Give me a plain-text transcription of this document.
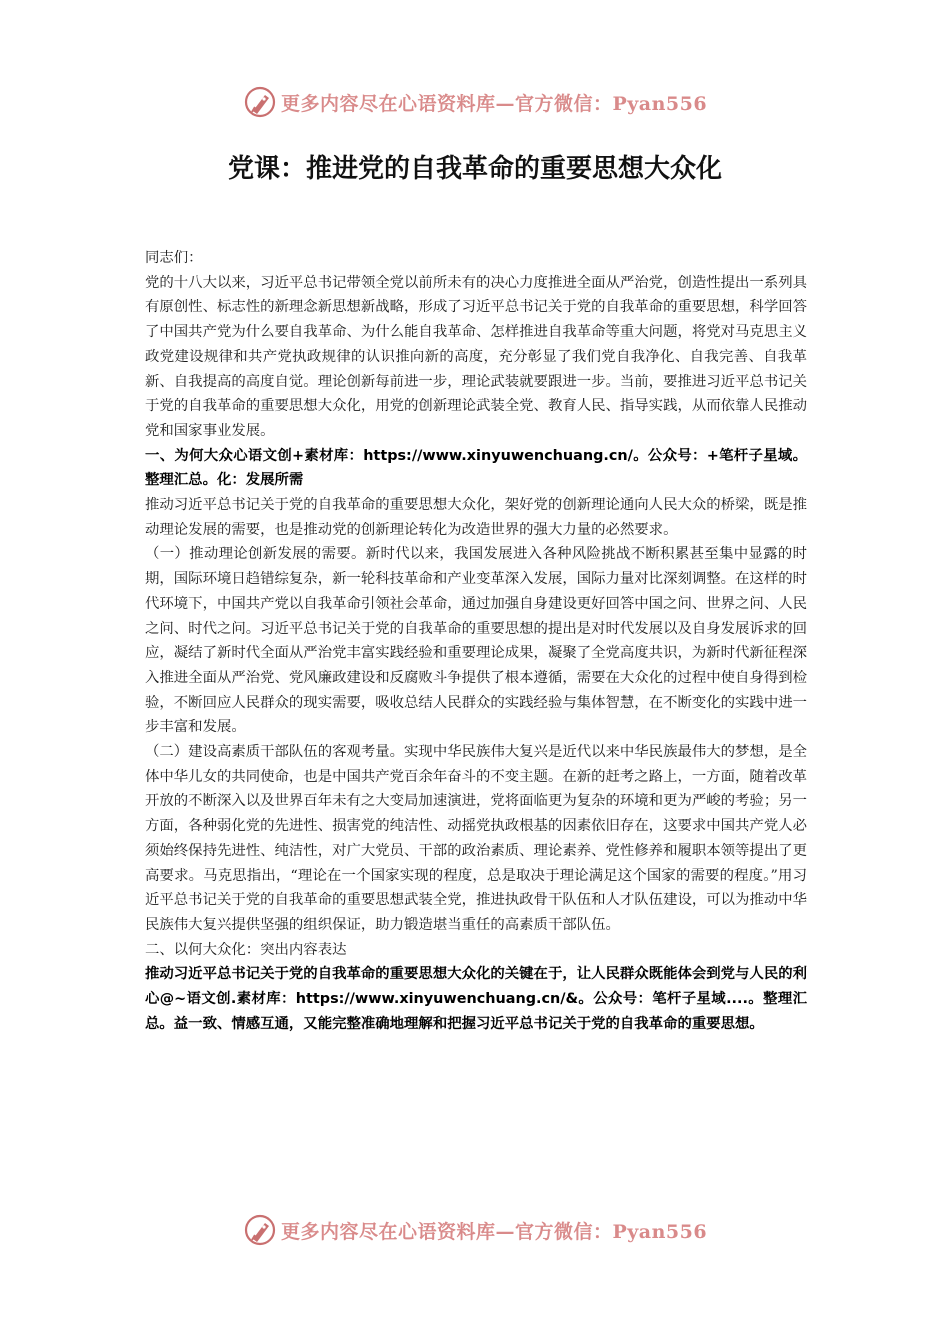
更多内容尽在心语资料库—官方微信：Pyan556
党课：推进党的自我革命的重要思想大众化

同志们：

党的十八大以来，习近平总书记带领全党以前所未有的决心力度推进全面从严治党，创造性提出一系列具有原创性、标志性的新理念新思想新战略，形成了习近平总书记关于党的自我革命的重要思想，科学回答了中国共产党为什么要自我革命、为什么能自我革命、怎样推进自我革命等重大问题，将党对马克思主义政党建设规律和共产党执政规律的认识推向新的高度，充分彰显了我们党自我净化、自我完善、自我革新、自我提高的高度自觉。理论创新每前进一步，理论武装就要跟进一步。当前，要推进习近平总书记关于党的自我革命的重要思想大众化，用党的创新理论武装全党、教育人民、指导实践，从而依靠人民推动党和国家事业发展。

一、为何大众心语文创+素材库：https://www.xinyuwenchuang.cn/。公众号：+笔杆子星域。整理汇总。化：发展所需

推动习近平总书记关于党的自我革命的重要思想大众化，架好党的创新理论通向人民大众的桥梁，既是推动理论发展的需要，也是推动党的创新理论转化为改造世界的强大力量的必然要求。

（一）推动理论创新发展的需要。新时代以来，我国发展进入各种风险挑战不断积累甚至集中显露的时期，国际环境日趋错综复杂，新一轮科技革命和产业变革深入发展，国际力量对比深刻调整。在这样的时代环境下，中国共产党以自我革命引领社会革命，通过加强自身建设更好回答中国之问、世界之问、人民之问、时代之问。习近平总书记关于党的自我革命的重要思想的提出是对时代发展以及自身发展诉求的回应，凝结了新时代全面从严治党丰富实践经验和重要理论成果，凝聚了全党高度共识，为新时代新征程深入推进全面从严治党、党风廉政建设和反腐败斗争提供了根本遵循，需要在大众化的过程中使自身得到检验，不断回应人民群众的现实需要，吸收总结人民群众的实践经验与集体智慧，在不断变化的实践中进一步丰富和发展。

（二）建设高素质干部队伍的客观考量。实现中华民族伟大复兴是近代以来中华民族最伟大的梦想，是全体中华儿女的共同使命，也是中国共产党百余年奋斗的不变主题。在新的赶考之路上，一方面，随着改革开放的不断深入以及世界百年未有之大变局加速演进，党将面临更为复杂的环境和更为严峻的考验；另一方面，各种弱化党的先进性、损害党的纯洁性、动摇党执政根基的因素依旧存在，这要求中国共产党人必须始终保持先进性、纯洁性，对广大党员、干部的政治素质、理论素养、党性修养和履职本领等提出了更高要求。马克思指出，“理论在一个国家实现的程度，总是取决于理论满足这个国家的需要的程度。”用习近平总书记关于党的自我革命的重要思想武装全党，推进执政骨干队伍和人才队伍建设，可以为推动中华民族伟大复兴提供坚强的组织保证，助力锻造堪当重任的高素质干部队伍。

二、以何大众化：突出内容表达

推动习近平总书记关于党的自我革命的重要思想大众化的关键在于，让人民群众既能体会到党与人民的利心@~语文创.素材库：https://www.xinyuwenchuang.cn/&。公众号：笔杆子星域....。整理汇总。益一致、情感互通，又能完整准确地理解和把握习近平总书记关于党的自我革命的重要思想。

更多内容尽在心语资料库—官方微信：Pyan556
